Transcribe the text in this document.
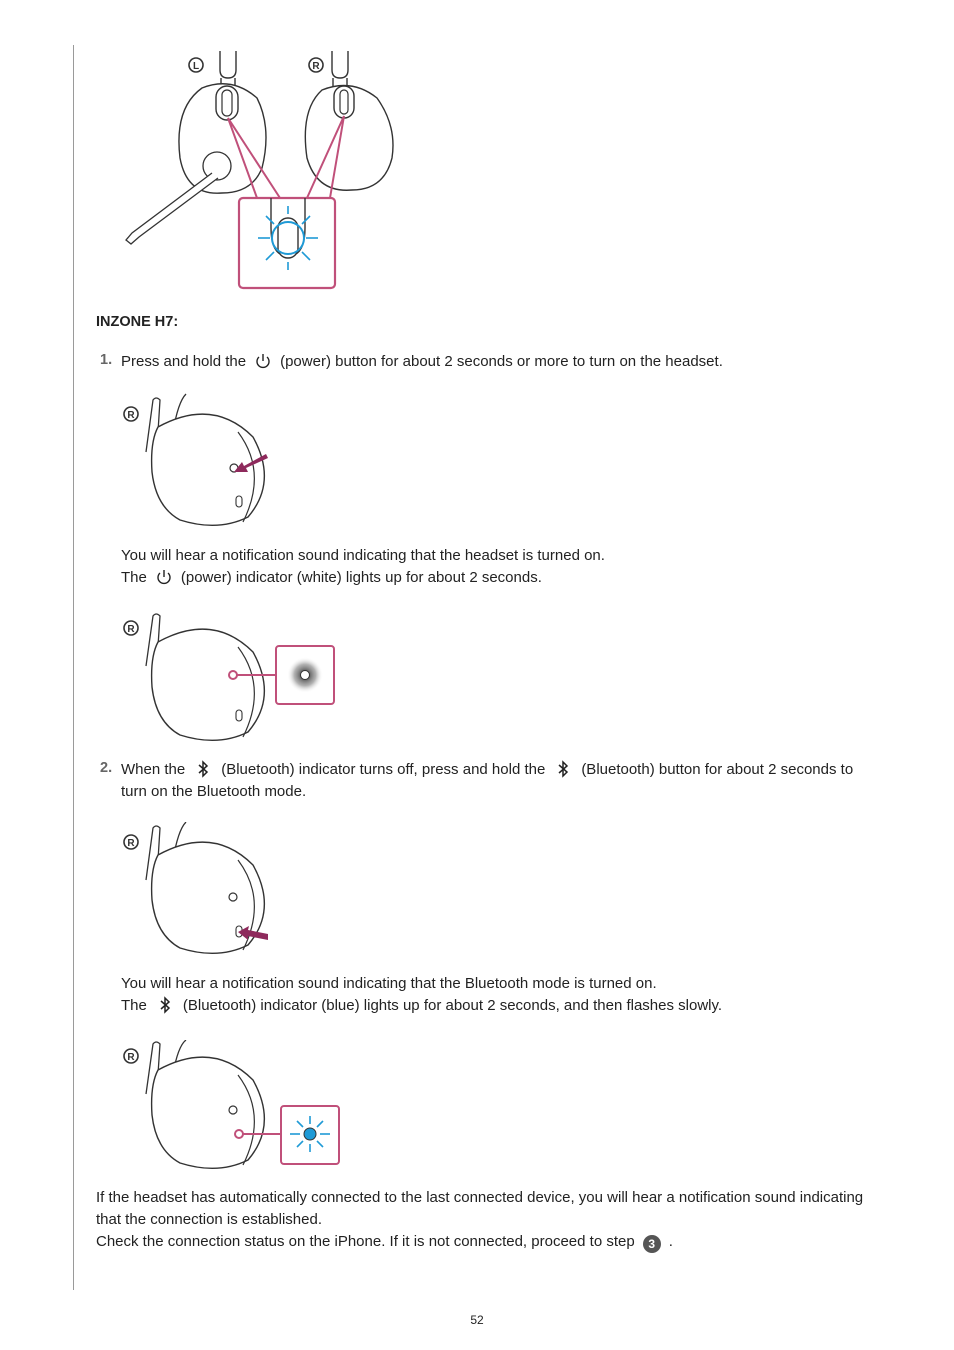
L	R
INZONE H7:
1. Press and hold the (power) button for about 2 seconds or more to turn on the headset.
R
You will hear a notification sound indicating that the headset is turned on.
The (power) indicator (white) lights up for about 2 seconds.
R
2. When the (Bluetooth) indicator turns off, press and hold the (Bluetooth) button for about 2 seconds to
turn on the Bluetooth mode.
R
You will hear a notification sound indicating that the Bluetooth mode is turned on.
The (Bluetooth) indicator (blue) lights up for about 2 seconds, and then flashes slowly.
R
If the headset has automatically connected to the last connected device, you will hear a notification sound indicating
that the connection is established.
Check the connection status on the iPhone. If it is not connected, proceed to step 3 .
52
